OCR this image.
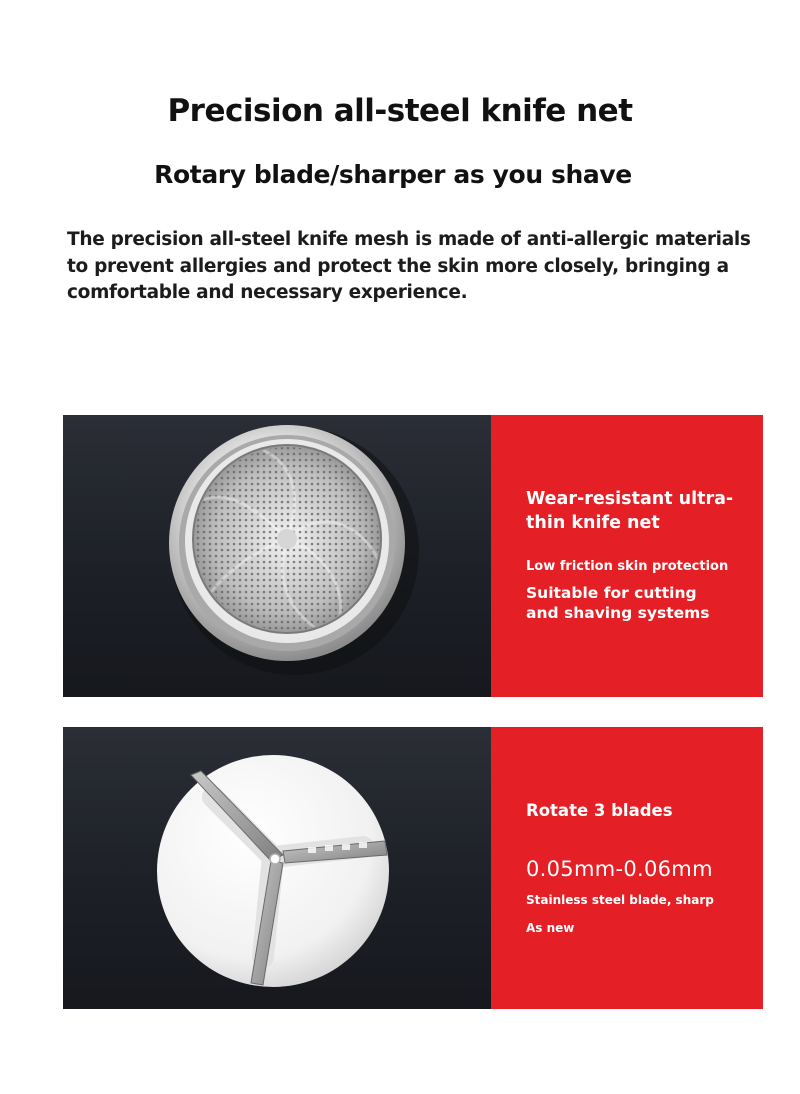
Precision all-steel knife net
Rotary blade/sharper as you shave

The precision all-steel knife mesh is made of anti-allergic materials to prevent allergies and protect the skin more closely, bringing a comfortable and necessary experience.

Wear-resistant ultra-thin knife net

Low friction skin protection

Suitable for cutting and shaving systems

Rotate 3 blades

0.05mm-0.06mm

Stainless steel blade, sharp

As new
